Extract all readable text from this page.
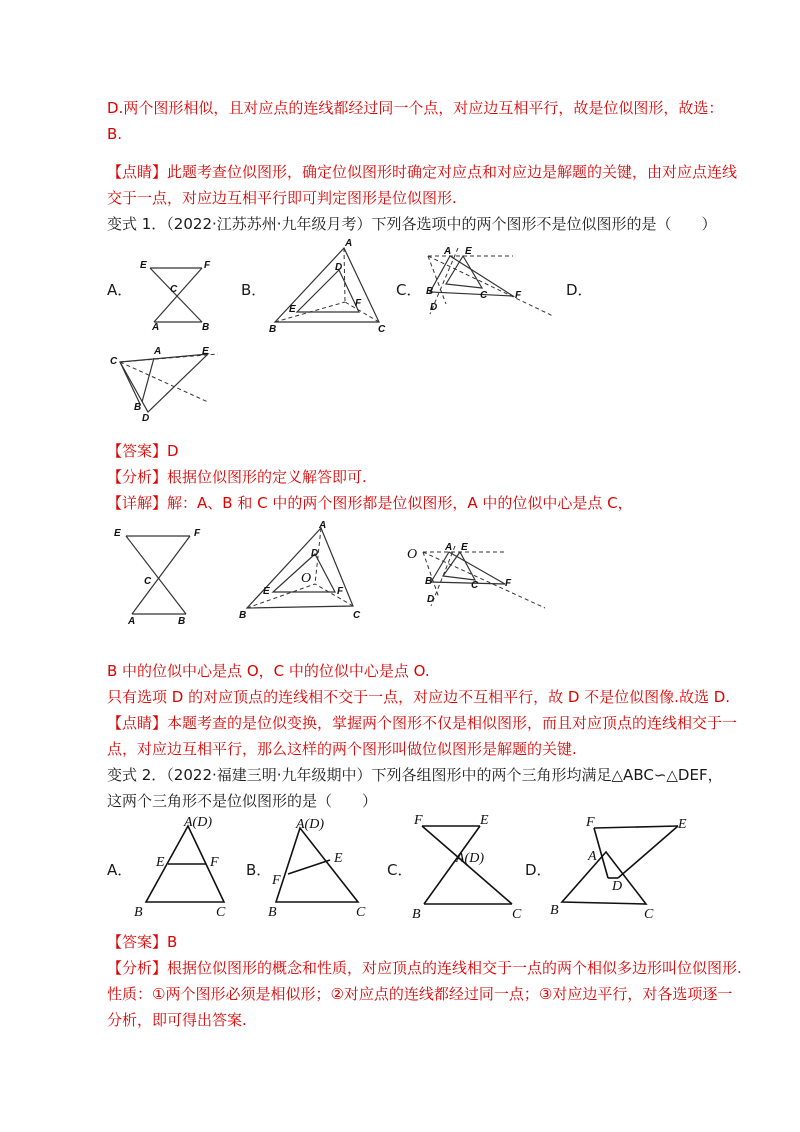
D.两个图形相似，且对应点的连线都经过同一个点，对应边互相平行，故是位似图形，故选：
B.
【点睛】此题考查位似图形，确定位似图形时确定对应点和对应边是解题的关键，由对应点连线
交于一点，对应边互相平行即可判定图形是位似图形.
变式 1．（2022·江苏苏州·九年级月考）下列各选项中的两个图形不是位似图形的是（　　）
A．	B．	C．	D．
E	F
C
A	B
A
D
E
F
B	C
A E
B	C	F
D
C
A	E
B
D
【答案】D
【分析】根据位似图形的定义解答即可.
【详解】解：A、B 和 C 中的两个图形都是位似图形，A 中的位似中心是点 C，
E	F
C
A	B
A
D
E	F
O
B	C
O	A E
B	C	F
D
B 中的位似中心是点 O，C 中的位似中心是点 O.
只有选项 D 的对应顶点的连线相不交于一点，对应边不互相平行，故 D 不是位似图像.故选 D.
【点睛】本题考查的是位似变换，掌握两个图形不仅是相似图形，而且对应顶点的连线相交于一
点，对应边互相平行，那么这样的两个图形叫做位似图形是解题的关键.
变式 2．（2022·福建三明·九年级期中）下列各组图形中的两个三角形均满足△ABC∽△DEF，
这两个三角形不是位似图形的是（　　）
A．	B．	C．	D．
A(D)
E	F
B	C
A(D)
E
F
B	C
F	E
A(D)
B	C
F	E
A
D
B	C
【答案】B
【分析】根据位似图形的概念和性质，对应顶点的连线相交于一点的两个相似多边形叫位似图形.
性质：①两个图形必须是相似形；②对应点的连线都经过同一点；③对应边平行，对各选项逐一
分析，即可得出答案.
